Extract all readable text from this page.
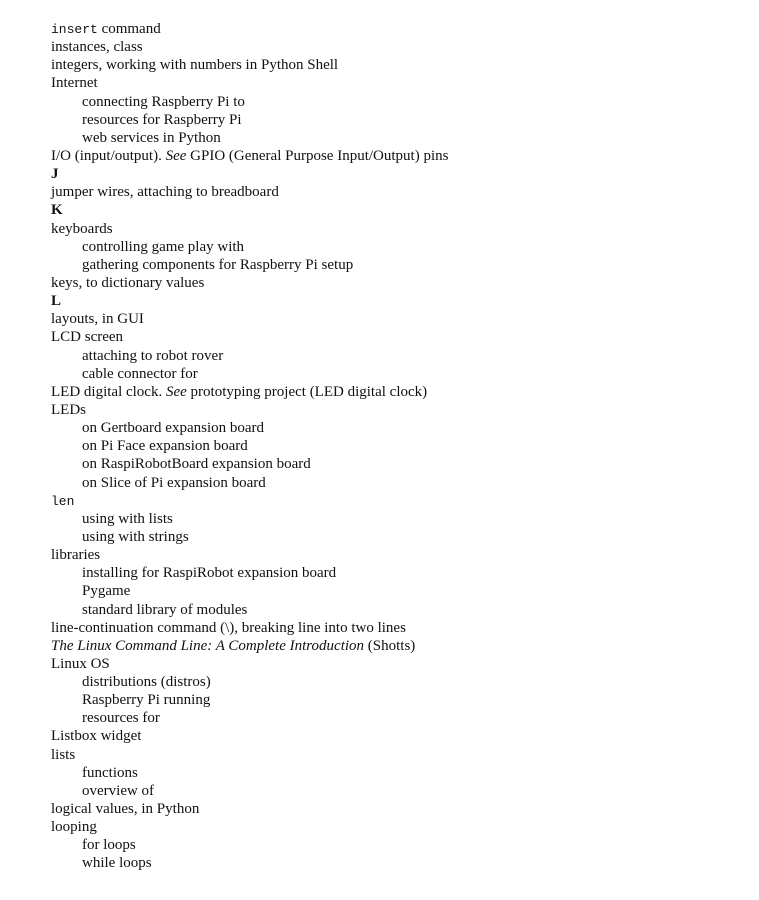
insert command
instances, class
integers, working with numbers in Python Shell
Internet
connecting Raspberry Pi to
resources for Raspberry Pi
web services in Python
I/O (input/output). See GPIO (General Purpose Input/Output) pins
J
jumper wires, attaching to breadboard
K
keyboards
controlling game play with
gathering components for Raspberry Pi setup
keys, to dictionary values
L
layouts, in GUI
LCD screen
attaching to robot rover
cable connector for
LED digital clock. See prototyping project (LED digital clock)
LEDs
on Gertboard expansion board
on Pi Face expansion board
on RaspiRobotBoard expansion board
on Slice of Pi expansion board
len
using with lists
using with strings
libraries
installing for RaspiRobot expansion board
Pygame
standard library of modules
line-continuation command (\), breaking line into two lines
The Linux Command Line: A Complete Introduction (Shotts)
Linux OS
distributions (distros)
Raspberry Pi running
resources for
Listbox widget
lists
functions
overview of
logical values, in Python
looping
for loops
while loops
